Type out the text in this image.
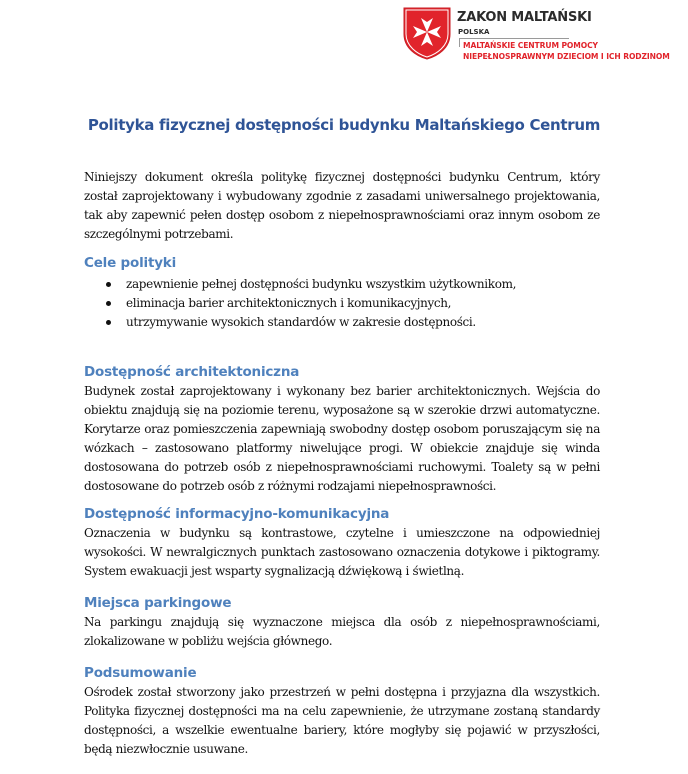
ZAKON MALTAŃSKI
POLSKA
MALTAŃSKIE CENTRUM POMOCY
NIEPEŁNOSPRAWNYM DZIECIOM I ICH RODZINOM
Polityka fizycznej dostępności budynku Maltańskiego Centrum
Niniejszy dokument określa politykę fizycznej dostępności budynku Centrum, który został zaprojektowany i wybudowany zgodnie z zasadami uniwersalnego projektowania, tak aby zapewnić pełen dostęp osobom z niepełnosprawnościami oraz innym osobom ze szczególnymi potrzebami.
Cele polityki
zapewnienie pełnej dostępności budynku wszystkim użytkownikom,
eliminacja barier architektonicznych i komunikacyjnych,
utrzymywanie wysokich standardów w zakresie dostępności.
Dostępność architektoniczna
Budynek został zaprojektowany i wykonany bez barier architektonicznych. Wejścia do obiektu znajdują się na poziomie terenu, wyposażone są w szerokie drzwi automatyczne. Korytarze oraz pomieszczenia zapewniają swobodny dostęp osobom poruszającym się na wózkach – zastosowano platformy niwelujące progi. W obiekcie znajduje się winda dostosowana do potrzeb osób z niepełnosprawnościami ruchowymi. Toalety są w pełni dostosowane do potrzeb osób z różnymi rodzajami niepełnosprawności.
Dostępność informacyjno-komunikacyjna
Oznaczenia w budynku są kontrastowe, czytelne i umieszczone na odpowiedniej wysokości. W newralgicznych punktach zastosowano oznaczenia dotykowe i piktogramy. System ewakuacji jest wsparty sygnalizacją dźwiękową i świetlną.
Miejsca parkingowe
Na parkingu znajdują się wyznaczone miejsca dla osób z niepełnosprawnościami, zlokalizowane w pobliżu wejścia głównego.
Podsumowanie
Ośrodek został stworzony jako przestrzeń w pełni dostępna i przyjazna dla wszystkich. Polityka fizycznej dostępności ma na celu zapewnienie, że utrzymane zostaną standardy dostępności, a wszelkie ewentualne bariery, które mogłyby się pojawić w przyszłości, będą niezwłocznie usuwane.
